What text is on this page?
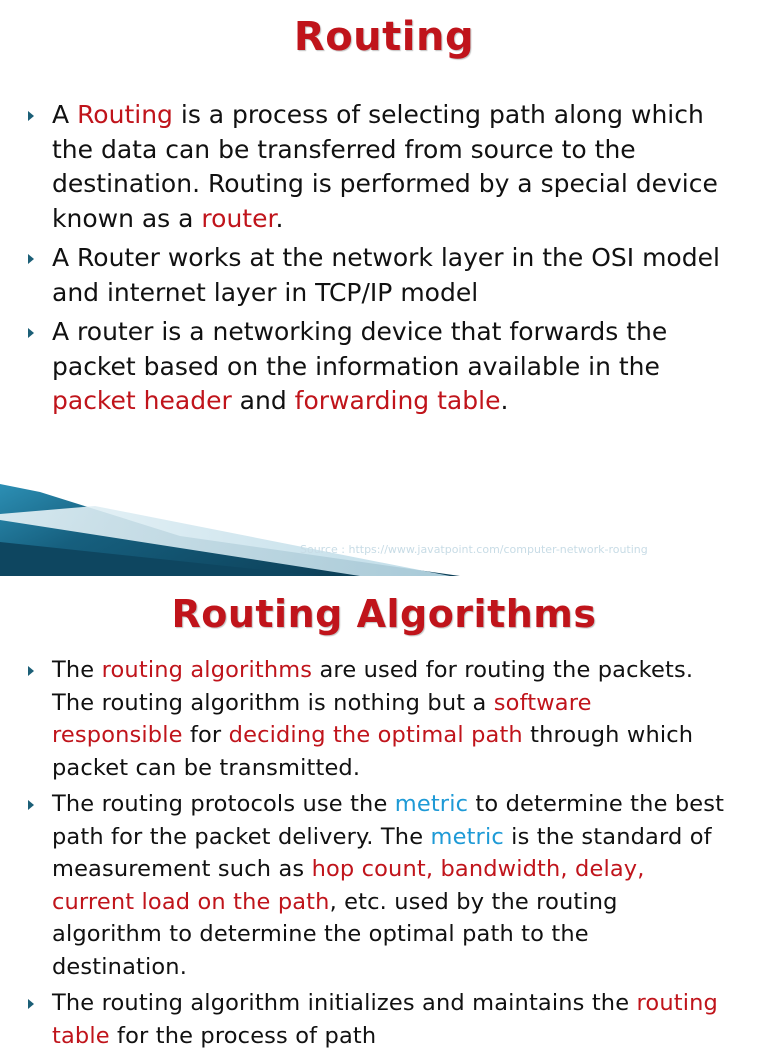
Routing
A Routing is a process of selecting path along which the data can be transferred from source to the destination. Routing is performed by a special device known as a router.
A Router works at the network layer in the OSI model and internet layer in TCP/IP model
A router is a networking device that forwards the packet based on the information available in the packet header and forwarding table.
Source : https://www.javatpoint.com/computer-network-routing
Routing Algorithms
The routing algorithms are used for routing the packets. The routing algorithm is nothing but a software responsible for deciding the optimal path through which packet can be transmitted.
The routing protocols use the metric to determine the best path for the packet delivery. The metric is the standard of measurement such as hop count, bandwidth, delay, current load on the path, etc. used by the routing algorithm to determine the optimal path to the destination.
The routing algorithm initializes and maintains the routing table for the process of path
